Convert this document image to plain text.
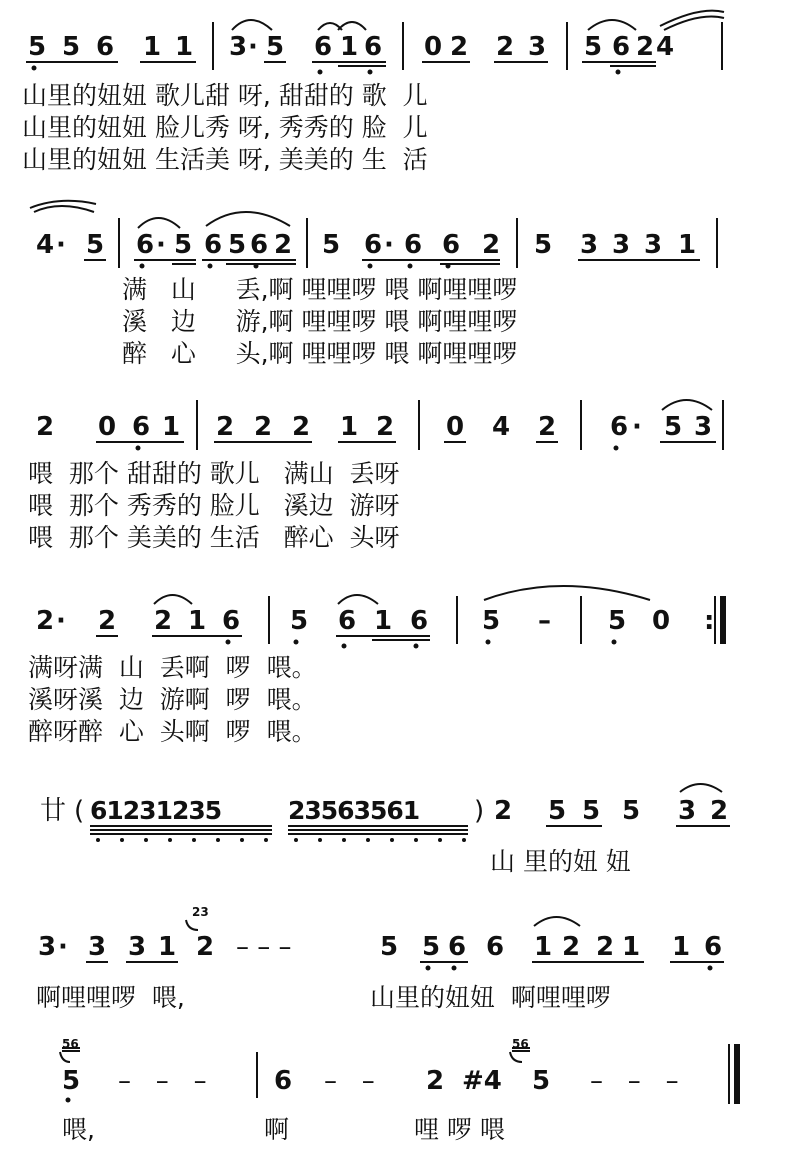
5 5 6 1 1 3 · 5 6 1 6 0 2 2 3 5 6 2 4
山里的妞妞 歌儿甜 呀, 甜甜的 歌  儿
山里的妞妞 脸儿秀 呀, 秀秀的 脸  儿
山里的妞妞 生活美 呀, 美美的 生  活
4 · 5 6 · 5 6 5 6 2 5 6 · 6 6 2 5 3 3 3 1
满   山     丢,啊 哩哩啰 喂 啊哩哩啰
溪   边     游,啊 哩哩啰 喂 啊哩哩啰
醉   心     头,啊 哩哩啰 喂 啊哩哩啰
2 0 6 1 2 2 2 1 2 0 4 2 6 · 5 3
喂  那个 甜甜的 歌儿   满山  丢呀
喂  那个 秀秀的 脸儿   溪边  游呀
喂  那个 美美的 生活   醉心  头呀
2 · 2 2 1 6 5 6 1 6 5 – 5 0 :
满呀满  山  丢啊  啰  喂。
溪呀溪  边  游啊  啰  喂。
醉呀醉  心  头啊  啰  喂。
廿 ( 61231235	23563561 ) 2 5 5 5 3 2
山 里的妞 妞
3 · 3 3 1
23
2 – – –	5 5 6 6 1 2 2 1 1 6
啊哩哩啰  喂,	山里的妞妞  啊哩哩啰
56
5 –   –   –	6 –   – 2 #4
56
5 –   –   –
喂,	啊	哩 啰 喂
